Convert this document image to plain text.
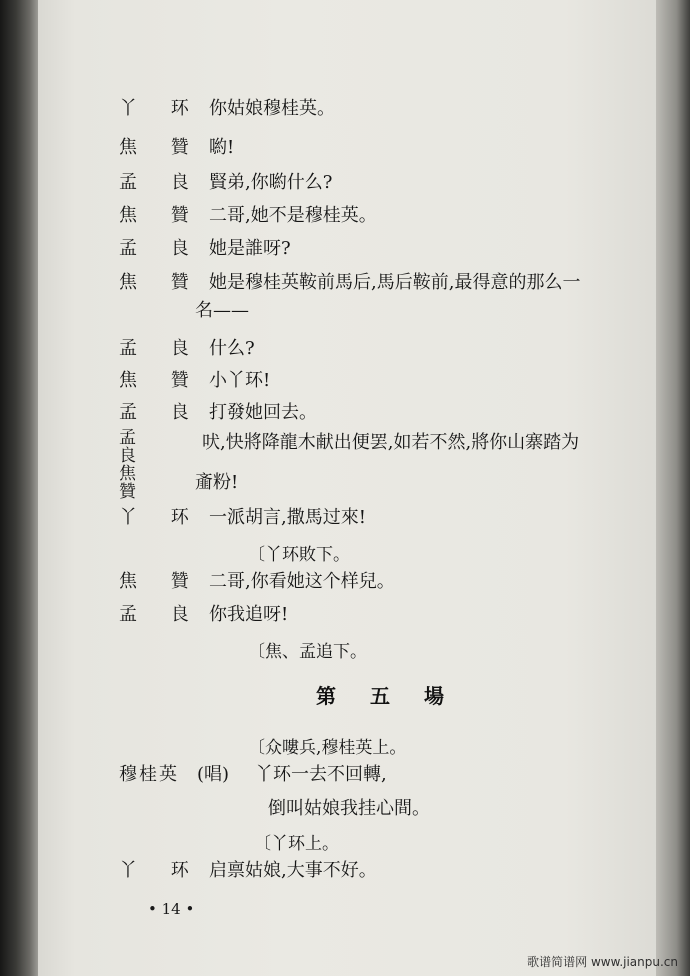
丫 环 你姑娘穆桂英。
焦 贊 喲!
孟 良 賢弟,你喲什么?
焦 贊 二哥,她不是穆桂英。
孟 良 她是誰呀?
焦 贊 她是穆桂英鞍前馬后,馬后鞍前,最得意的那么一
名——
孟 良 什么?
焦 贊 小丫环!
孟 良 打發她回去。
孟 良
焦 贊
吠,快將降龍木献出便罢,如若不然,將你山寨踏为
齑粉!
丫 环 一派胡言,撒馬过來!
〔丫环敗下。
焦 贊 二哥,你看她这个样兒。
孟 良 你我追呀!
〔焦、孟追下。
第五場
〔众嘍兵,穆桂英上。
穆桂英 (唱) 丫环一去不回轉,
倒叫姑娘我挂心間。
〔丫环上。
丫 环 启禀姑娘,大事不好。
• 14 •
歌谱简谱网 www.jianpu.cn
